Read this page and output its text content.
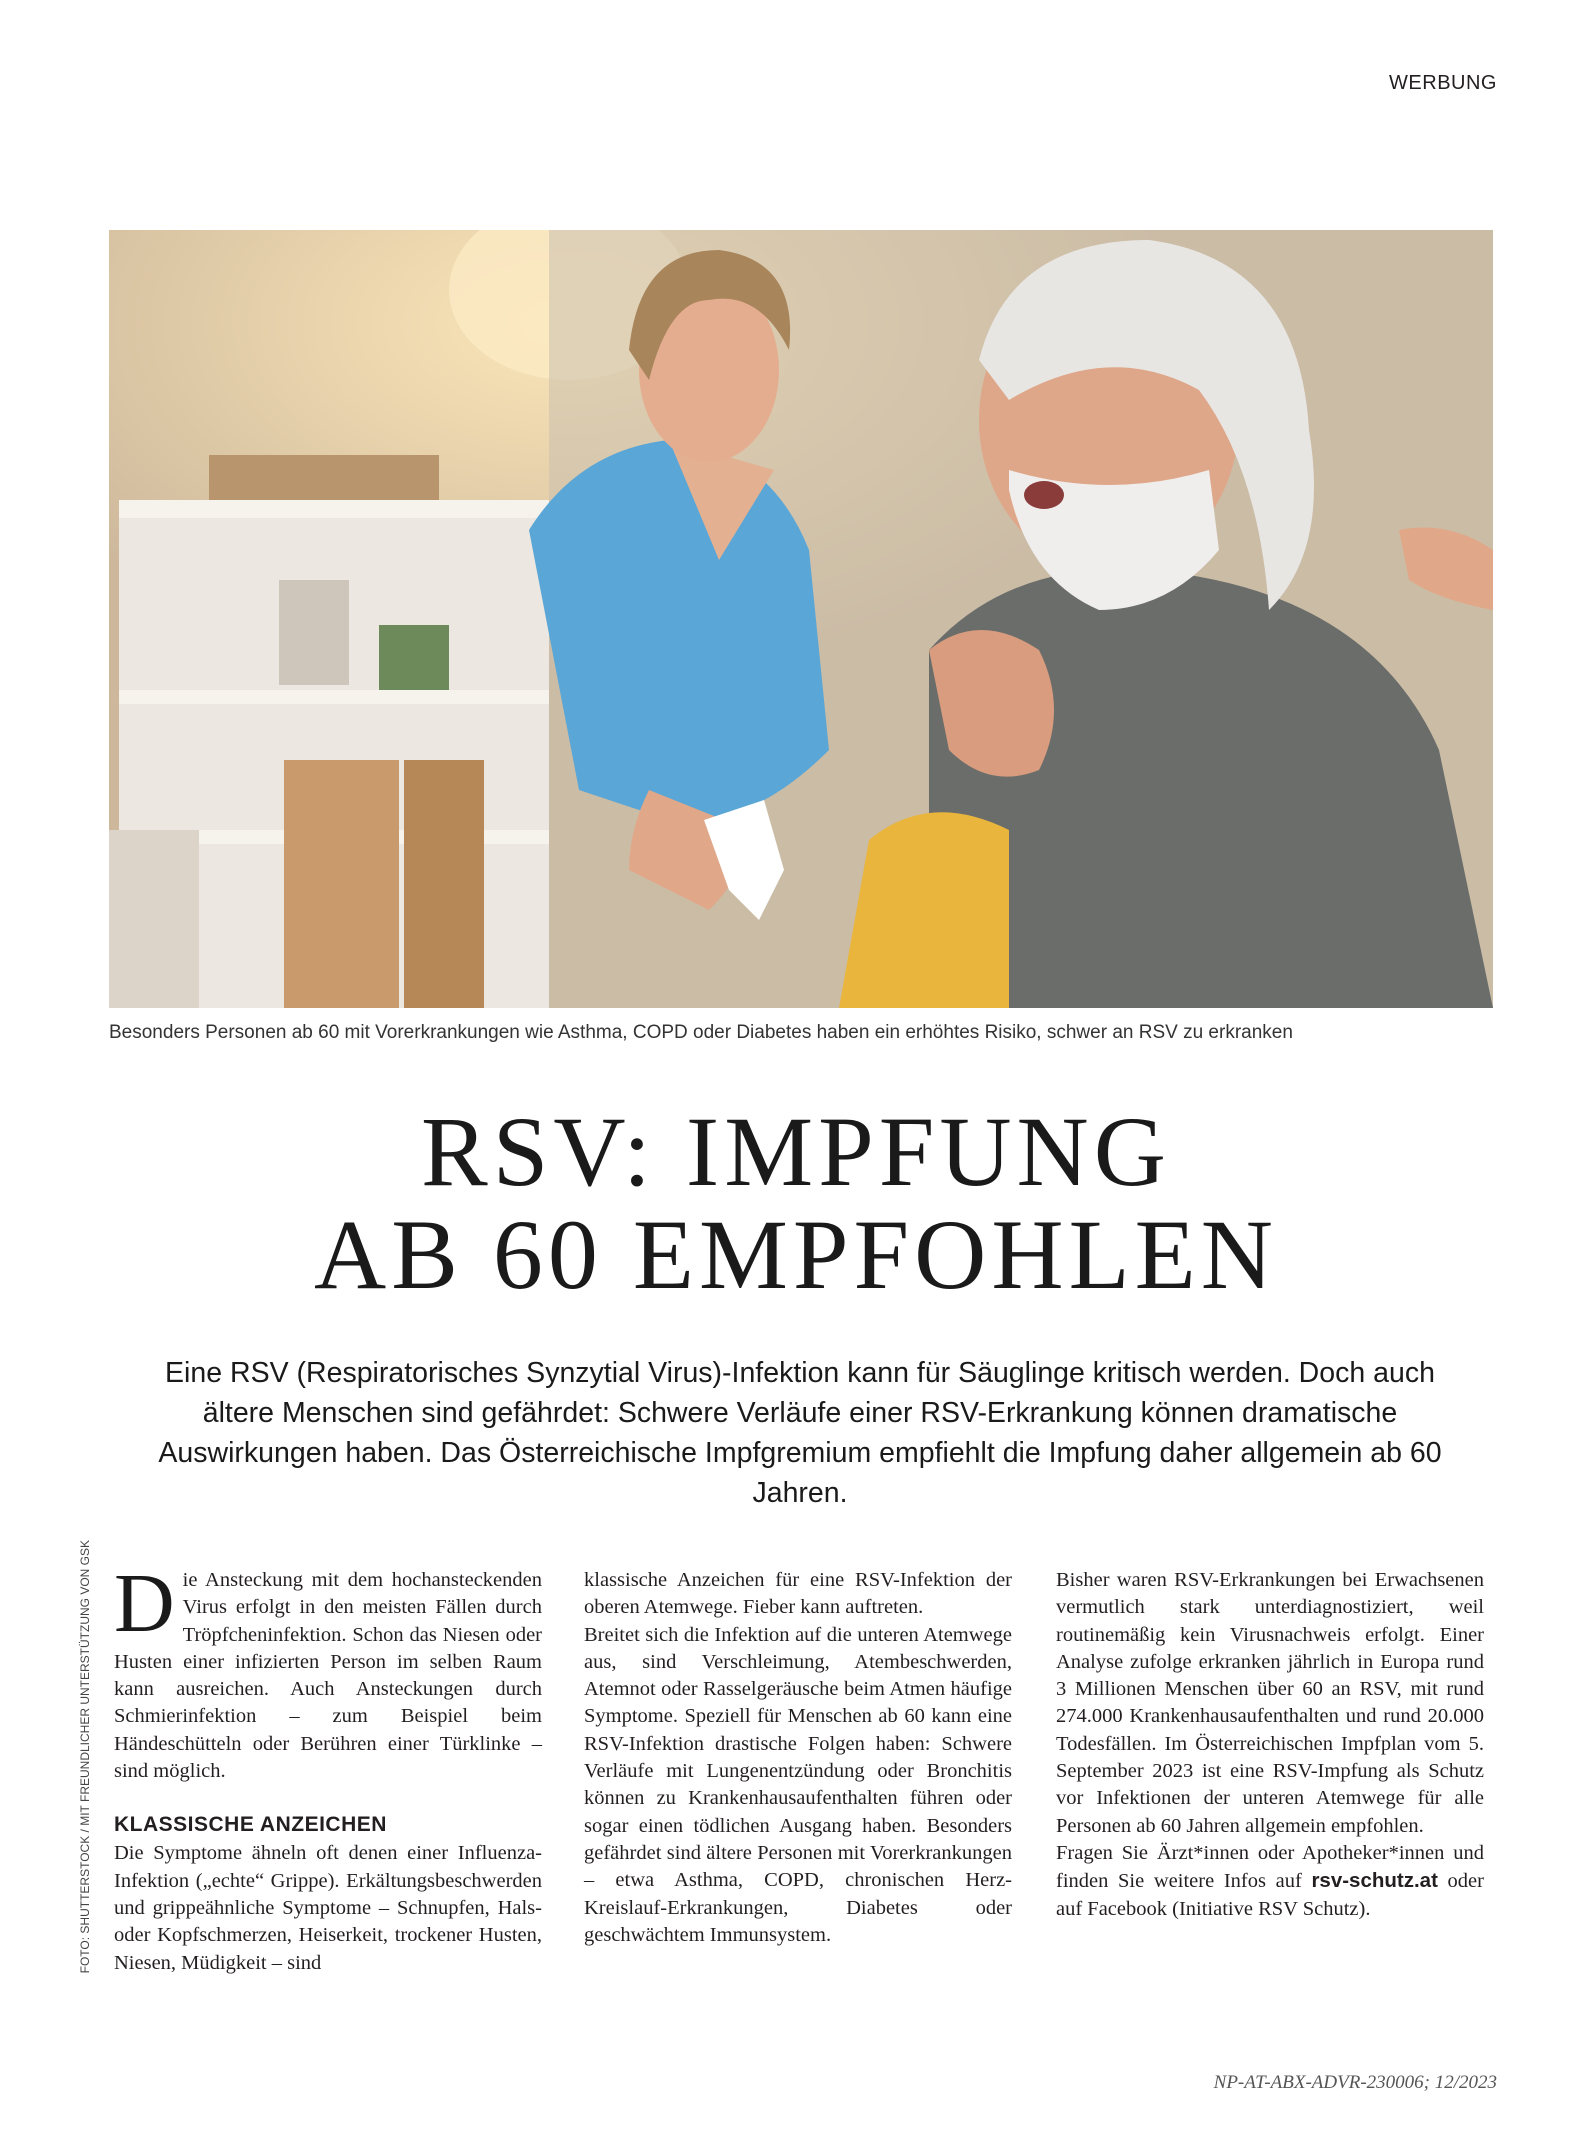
WERBUNG
Besonders Personen ab 60 mit Vorerkrankungen wie Asthma, COPD oder Diabetes haben ein erhöhtes Risiko, schwer an RSV zu erkranken
RSV: IMPFUNG
AB 60 EMPFOHLEN

Eine RSV (Respiratorisches Synzytial Virus)-Infektion kann für Säuglinge kritisch werden. Doch auch ältere Menschen sind gefährdet: Schwere Verläufe einer RSV-Erkrankung können dramatische Auswirkungen haben. Das Österreichische Impfgremium empfiehlt die Impfung daher allgemein ab 60 Jahren.

FOTO: SHUTTERSTOCK / MIT FREUNDLICHER UNTERSTÜTZUNG VON GSK Die Ansteckung mit dem hochansteckenden Virus erfolgt in den meisten Fällen durch Tröpfcheninfektion. Schon das Niesen oder Husten einer infizierten Person im selben Raum kann ausreichen. Auch Ansteckungen durch Schmierinfektion – zum Beispiel beim Händeschütteln oder Berühren einer Türklinke – sind möglich.

KLASSISCHE ANZEICHEN

Die Symptome ähneln oft denen einer Influenza-Infektion („echte“ Grippe). Erkältungsbeschwerden und grippeähnliche Symptome – Schnupfen, Hals- oder Kopfschmerzen, Heiserkeit, trockener Husten, Niesen, Müdigkeit – sind

klassische Anzeichen für eine RSV-Infektion der oberen Atemwege. Fieber kann auftreten.

Breitet sich die Infektion auf die unteren Atemwege aus, sind Verschleimung, Atembeschwerden, Atemnot oder Rasselgeräusche beim Atmen häufige Symptome. Speziell für Menschen ab 60 kann eine RSV-Infektion drastische Folgen haben: Schwere Verläufe mit Lungenentzündung oder Bronchitis können zu Krankenhausaufenthalten führen oder sogar einen tödlichen Ausgang haben. Besonders gefährdet sind ältere Personen mit Vorerkrankungen – etwa Asthma, COPD, chronischen Herz-Kreislauf-Erkrankungen, Diabetes oder geschwächtem Immunsystem.

Bisher waren RSV-Erkrankungen bei Erwachsenen vermutlich stark unterdiagnostiziert, weil routinemäßig kein Virusnachweis erfolgt. Einer Analyse zufolge erkranken jährlich in Europa rund 3 Millionen Menschen über 60 an RSV, mit rund 274.000 Krankenhausaufenthalten und rund 20.000 Todesfällen. Im Österreichischen Impfplan vom 5. September 2023 ist eine RSV-Impfung als Schutz vor Infektionen der unteren Atemwege für alle Personen ab 60 Jahren allgemein empfohlen.

Fragen Sie Ärzt*innen oder Apotheker*innen und finden Sie weitere Infos auf rsv-schutz.at oder auf Facebook (Initiative RSV Schutz).

NP-AT-ABX-ADVR-230006; 12/2023
